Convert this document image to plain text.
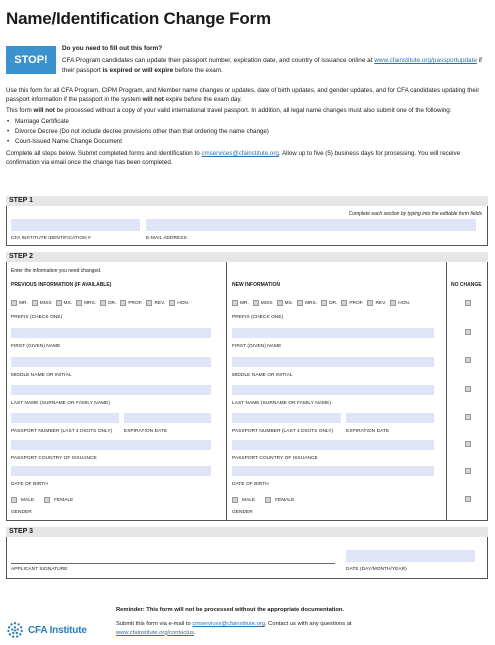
Name/Identification Change Form
STOP!
Do you need to fill out this form?
CFA Program candidates can update their passport number, expiration date, and country of issuance online at www.cfainstitute.org/passportupdate if their passport is expired or will expire before the exam.

Use this form for all CFA Program, CIPM Program, and Member name changes or updates, date of birth updates, and gender updates, and for CFA candidates updating their passport information if the passport in the system will not expire before the exam day.

This form will not be processed without a copy of your valid international travel passport. In addition, all legal name changes must also submit one of the following:

• Marriage Certificate
• Divorce Decree (Do not include decree provisions other than that ordering the name change)
• Court-Issued Name Change Document

Complete all steps below. Submit completed forms and identification to cmservices@cfainstitute.org. Allow up to five (5) business days for processing. You will receive confirmation via email once the change has been completed.

STEP 1
Complete each section by typing into the editable form fields
CFA INSTITUTE IDENTIFICATION #	E-MAIL ADDRESS
STEP 2
Enter the information you need changed.
PREVIOUS INFORMATION (IF AVAILABLE)	NEW INFORMATION	NO CHANGE
MR.	MISS	MS.	MRS.	DR.	PROF.	REV.	HON.
PREFIX (CHECK ONE)
FIRST (GIVEN) NAME
MIDDLE NAME OR INITIAL
LAST NAME (SURNAME OR FAMILY NAME)
PASSPORT NUMBER (LAST 4 DIGITS ONLY) EXPIRATION DATE
PASSPORT COUNTRY OF ISSUANCE
DATE OF BIRTH
MALE	FEMALE
GENDER
MR.	MISS	MS.	MRS.	DR.	PROF.	REV.	HON.
PREFIX (CHECK ONE)
FIRST (GIVEN) NAME
MIDDLE NAME OR INITIAL
LAST NAME (SURNAME OR FAMILY NAME)
PASSPORT NUMBER (LAST 4 DIGITS ONLY)	EXPIRATION DATE
PASSPORT COUNTRY OF ISSUANCE
DATE OF BIRTH
MALE	FEMALE
GENDER
STEP 3
APPLICANT SIGNATURE	DATE (DAY/MONTH/YEAR)
CFA Institute
Reminder: This form will not be processed without the appropriate documentation.
Submit this form via e-mail to cmservices@cfainstitute.org. Contact us with any questions at www.cfainstitute.org/contactus.
